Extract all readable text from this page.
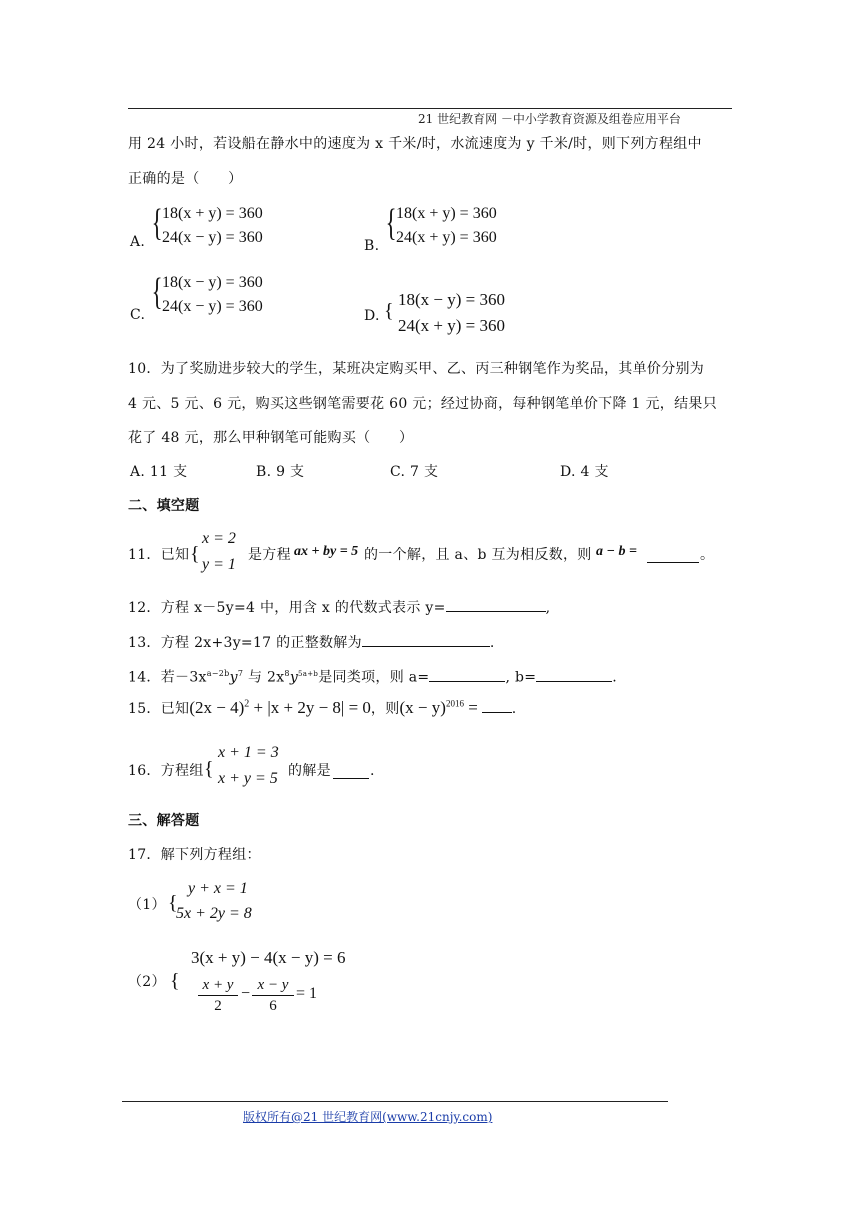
21 世纪教育网 －中小学教育资源及组卷应用平台
用 24 小时，若设船在静水中的速度为 x 千米/时，水流速度为 y 千米/时，则下列方程组中
正确的是（　　）
A. { 18(x + y) = 360
24(x − y) = 360	B.
{ 18(x + y) = 360
24(x + y) = 360
C.
{ 18(x − y) = 360
24(x − y) = 360
D. {
18(x − y) = 360
24(x + y) = 360
10．为了奖励进步较大的学生，某班决定购买甲、乙、丙三种钢笔作为奖品，其单价分别为
4 元、5 元、6 元，购买这些钢笔需要花 60 元；经过协商，每种钢笔单价下降 1 元，结果只
花了 48 元，那么甲种钢笔可能购买（　　）
A. 11 支	B. 9 支	C. 7 支	D. 4 支
二、填空题
11．已知 {
x = 2
y = 1
是方程 ax + by = 5 的一个解，且 a、b 互为相反数，则 a − b =	。
12．方程 x－5y=4 中，用含 x 的代数式表示 y=	,
13．方程 2x+3y=17 的正整数解为	.
14．若$-3x^{a-2b}y^7$ 与 $2x^8y^{5a+b}$是同类项，则 a=	, b=	.
15．已知$(2x - 4)^2 + |x + 2y - 8| = 0$，则$(x - y)^{2016}$ = .
16．方程组 {
x + 1 = 3
x + y = 5 的解是	.
三、解答题
17．解下列方程组：
（1） {
y + x = 1
5x + 2y = 8
（2） {
3(x + y) − 4(x − y) = 6
x + y
2
− x − y
6
= 1
版权所有@21 世纪教育网(www.21cnjy.com)
